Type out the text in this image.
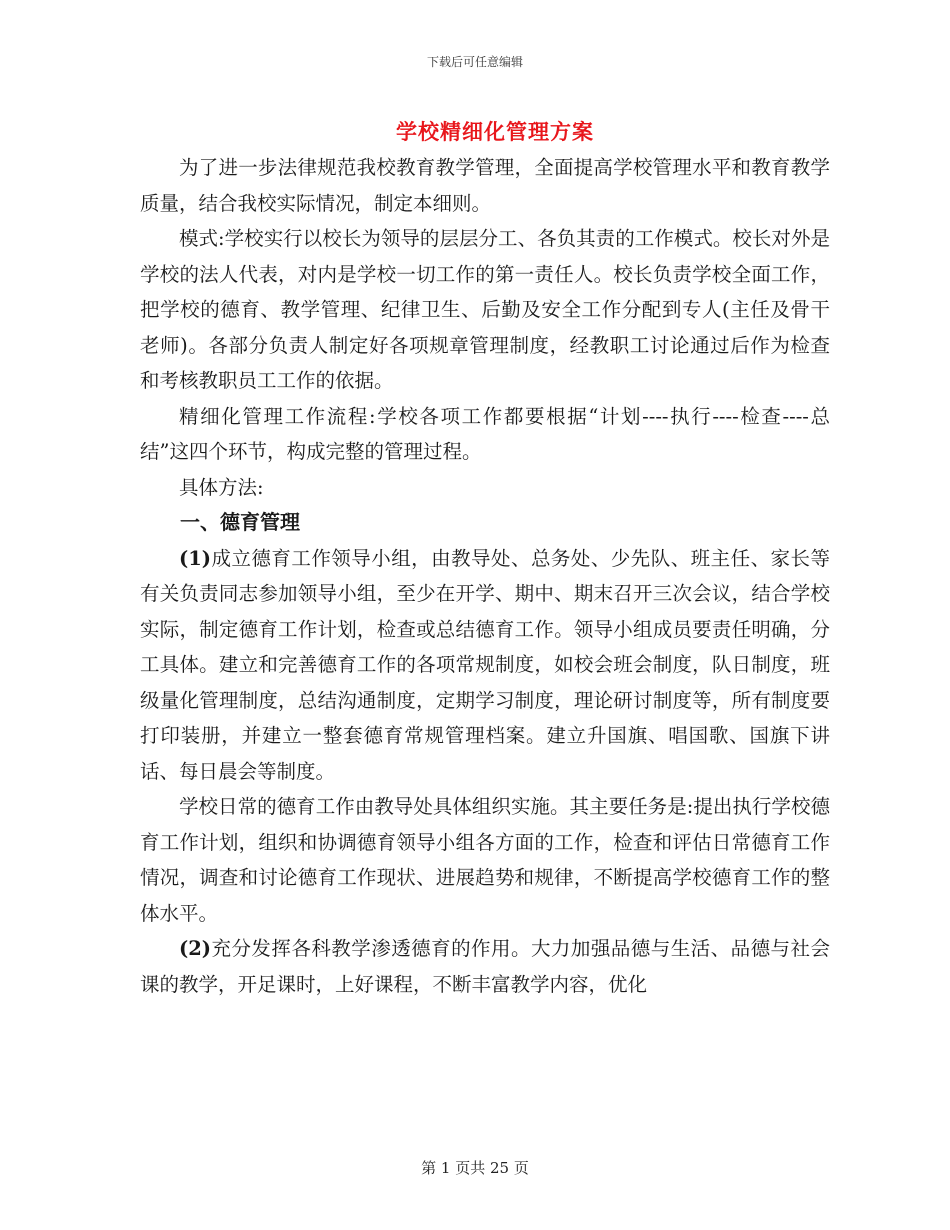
下载后可任意编辑
学校精细化管理方案

为了进一步法律规范我校教育教学管理，全面提高学校管理水平和教育教学质量，结合我校实际情况，制定本细则。

模式:学校实行以校长为领导的层层分工、各负其责的工作模式。校长对外是学校的法人代表，对内是学校一切工作的第一责任人。校长负责学校全面工作，把学校的德育、教学管理、纪律卫生、后勤及安全工作分配到专人(主任及骨干老师)。各部分负责人制定好各项规章管理制度，经教职工讨论通过后作为检查和考核教职员工工作的依据。

精细化管理工作流程:学校各项工作都要根据“计划----执行----检查----总结”这四个环节，构成完整的管理过程。

具体方法:

一、德育管理

(1)成立德育工作领导小组，由教导处、总务处、少先队、班主任、家长等有关负责同志参加领导小组，至少在开学、期中、期末召开三次会议，结合学校实际，制定德育工作计划，检查或总结德育工作。领导小组成员要责任明确，分工具体。建立和完善德育工作的各项常规制度，如校会班会制度，队日制度，班级量化管理制度，总结沟通制度，定期学习制度，理论研讨制度等，所有制度要打印装册，并建立一整套德育常规管理档案。建立升国旗、唱国歌、国旗下讲话、每日晨会等制度。

学校日常的德育工作由教导处具体组织实施。其主要任务是:提出执行学校德育工作计划，组织和协调德育领导小组各方面的工作，检查和评估日常德育工作情况，调查和讨论德育工作现状、进展趋势和规律，不断提高学校德育工作的整体水平。

(2)充分发挥各科教学渗透德育的作用。大力加强品德与生活、品德与社会课的教学，开足课时，上好课程，不断丰富教学内容，优化

第 1 页共 25 页
